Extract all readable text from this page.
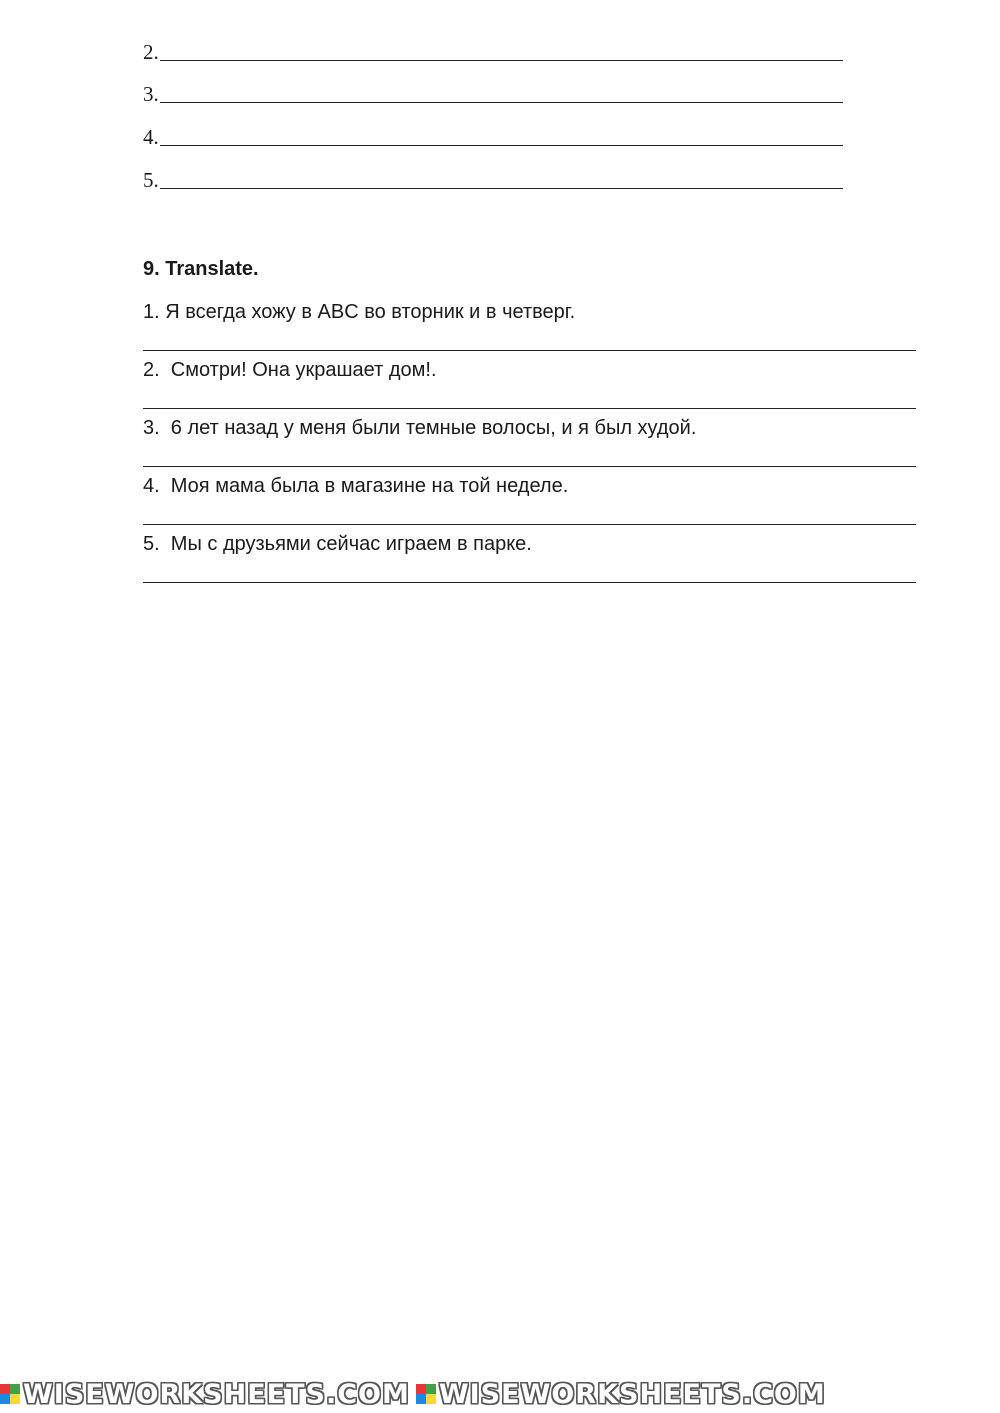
2.
3.
4.
5.
9. Translate.
1. Я всегда хожу в ABC во вторник и в четверг.
2.  Смотри! Она украшает дом!.
3.  6 лет назад у меня были темные волосы, и я был худой.
4.  Моя мама была в магазине на той неделе.
5.  Мы с друзьями сейчас играем в парке.
WISEWORKSHEETS.COM WISEWORKSHEETS.COM
